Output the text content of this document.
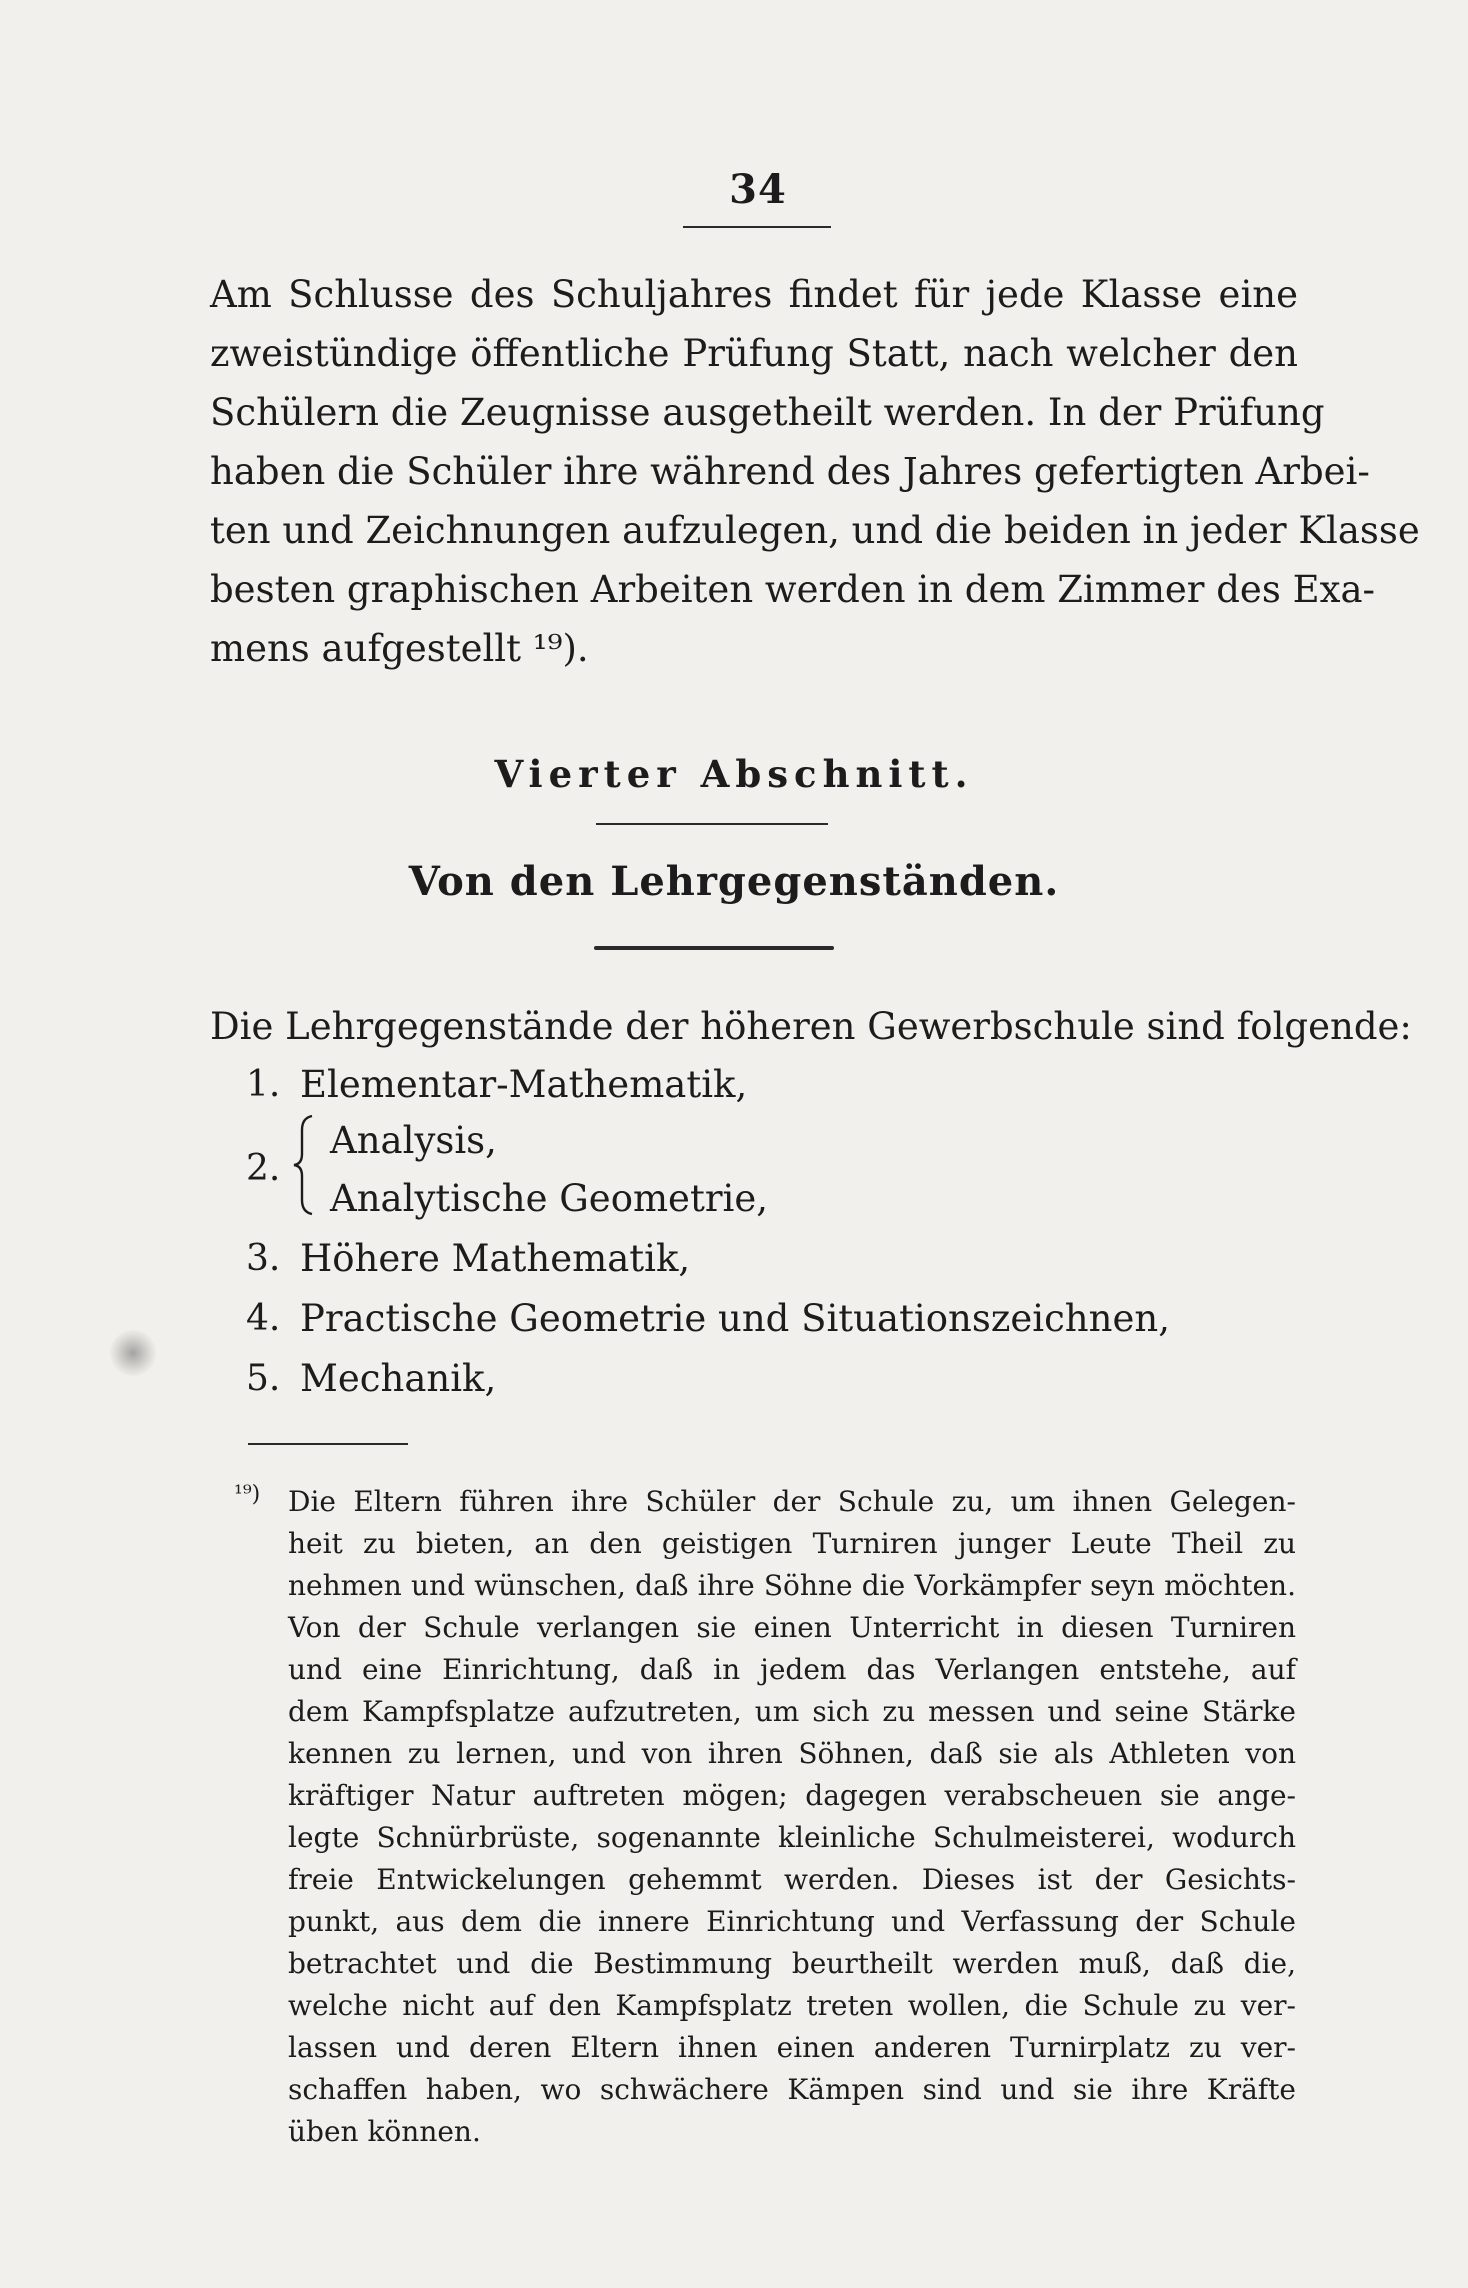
34
Am Schlusse des Schuljahres findet für jede Klasse eine
zweistündige öffentliche Prüfung Statt, nach welcher den
Schülern die Zeugnisse ausgetheilt werden. In der Prüfung
haben die Schüler ihre während des Jahres gefertigten Arbei-
ten und Zeichnungen aufzulegen, und die beiden in jeder Klasse
besten graphischen Arbeiten werden in dem Zimmer des Exa-
mens aufgestellt ¹⁹).
Vierter Abschnitt.
Von den Lehrgegenständen.
Die Lehrgegenstände der höheren Gewerbschule sind folgende:
1. Elementar-Mathematik,
2.
Analysis,
Analytische Geometrie,
3. Höhere Mathematik,
4. Practische Geometrie und Situationszeichnen,
5. Mechanik,
¹⁹) Die Eltern führen ihre Schüler der Schule zu, um ihnen Gelegen-
heit zu bieten, an den geistigen Turniren junger Leute Theil zu
nehmen und wünschen, daß ihre Söhne die Vorkämpfer seyn möchten.
Von der Schule verlangen sie einen Unterricht in diesen Turniren
und eine Einrichtung, daß in jedem das Verlangen entstehe, auf
dem Kampfsplatze aufzutreten, um sich zu messen und seine Stärke
kennen zu lernen, und von ihren Söhnen, daß sie als Athleten von
kräftiger Natur auftreten mögen; dagegen verabscheuen sie ange-
legte Schnürbrüste, sogenannte kleinliche Schulmeisterei, wodurch
freie Entwickelungen gehemmt werden. Dieses ist der Gesichts-
punkt, aus dem die innere Einrichtung und Verfassung der Schule
betrachtet und die Bestimmung beurtheilt werden muß, daß die,
welche nicht auf den Kampfsplatz treten wollen, die Schule zu ver-
lassen und deren Eltern ihnen einen anderen Turnirplatz zu ver-
schaffen haben, wo schwächere Kämpen sind und sie ihre Kräfte
üben können.
